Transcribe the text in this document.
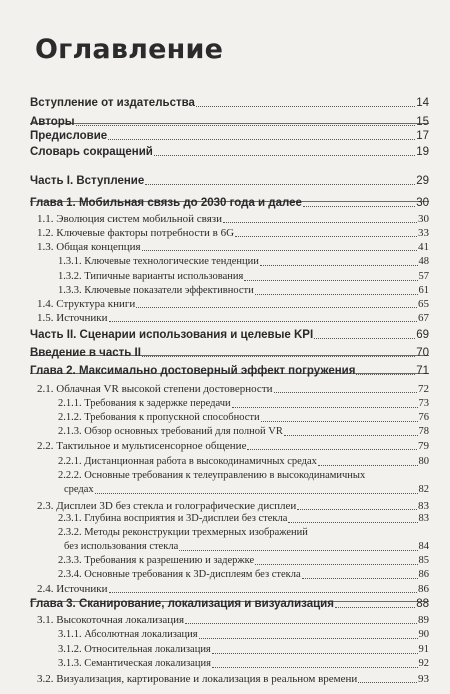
Оглавление
Вступление от издательства	14
Авторы	15
Предисловие	17
Словарь сокращений	19
Часть I. Вступление	29
Глава 1. Мобильная связь до 2030 года и далее	30
1.1. Эволюция систем мобильной связи	30
1.2. Ключевые факторы потребности в 6G	33
1.3. Общая концепция	41
1.3.1. Ключевые технологические тенденции	48
1.3.2. Типичные варианты использования	57
1.3.3. Ключевые показатели эффективности	61
1.4. Структура книги	65
1.5. Источники	67
Часть II. Сценарии использования и целевые KPI	69
Введение в часть II	70
Глава 2. Максимально достоверный эффект погружения	71
2.1. Облачная VR высокой степени достоверности	72
2.1.1. Требования к задержке передачи	73
2.1.2. Требования к пропускной способности	76
2.1.3. Обзор основных требований для полной VR	78
2.2. Тактильное и мультисенсорное общение	79
2.2.1. Дистанционная работа в высокодинамичных средах	80
2.2.2. Основные требования к телеуправлению в высокодинамичных
средах	82
2.3. Дисплеи 3D без стекла и голографические дисплеи	83
2.3.1. Глубина восприятия и 3D-дисплеи без стекла	83
2.3.2. Методы реконструкции трехмерных изображений
без использования стекла	84
2.3.3. Требования к разрешению и задержке	85
2.3.4. Основные требования к 3D-дисплеям без стекла	86
2.4. Источники	86
Глава 3. Сканирование, локализация и визуализация	88
3.1. Высокоточная локализация	89
3.1.1. Абсолютная локализация	90
3.1.2. Относительная локализация	91
3.1.3. Семантическая локализация	92
3.2. Визуализация, картирование и локализация в реальном времени	93
